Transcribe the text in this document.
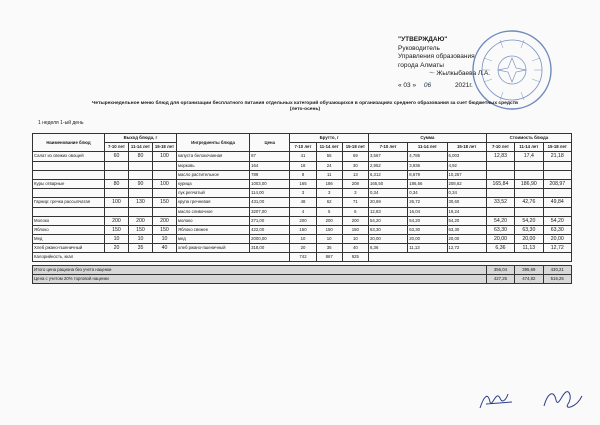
"УТВЕРЖДАЮ"
Руководитель
Управления образования
города Алматы
～ Жылкыбаева Л.А.
« 03 » 06	2021г.
Четырехнедельное меню блюд для организации бесплатного питания отдельных категорий обучающихся в организациях среднего образования за счет бюджетных средств
(лето-осень)
1 неделя 1-ый день
Наименование блюд	Выход блюда, г			Ингредиенты блюда	Цена	Брутто, г			Сумма			Стоимость блюда		
	7-10 лет	11-14 лет	15-18 лет			7-10 лет	11-14 лет	15-18 лет	7-10 лет	11-14 лет	15-18 лет	7-10 лет	11-14 лет	15-18 лет
Салат из свежих овощей	60	80	100	капуста белокочанная	87	41	55	69	3,567	4,785	6,003	12,83	17,4	21,18
				морковь	164	18	24	30	2,952	3,936	4,92			
				масло растительное	789	8	11	13	6,312	8,679	10,257			
Куры отварные	80	90	100	курица	1003,00	165	186	208	165,50	186,56	208,62	165,84	186,90	208,97
				лук репчатый	114,00	3	3	3	0,34	0,34	0,34			
Гарнир: гречка рассыпчатая	100	130	150	крупа гречневая	431,00	48	62	71	20,69	26,72	30,60	33,52	42,76	49,84
				масло сливочное	3207,00	4	5	6	12,83	16,04	19,24			
Молоко	200	200	200	молоко	271,00	200	200	200	54,20	54,20	54,20	54,20	54,20	54,20
Яблоко	150	150	150	Яблоко свежее	422,00	150	150	150	63,30	63,30	63,30	63,30	63,30	63,30
Мед	10	10	10	мед	2000,00	10	10	10	20,00	20,00	20,00	20,00	20,00	20,00
Хлеб ржано-пшеничный	20	35	40	хлеб ржано-пшеничный	318,00	20	35	40	6,36	11,13	12,72	6,36	11,13	12,72
Калорийность, ккал						742	867	925						

Итого цена рациона без учета наценки												356,04	395,69	430,21
Цена с учетом 20% торговой наценки												427,25	474,82	516,25
